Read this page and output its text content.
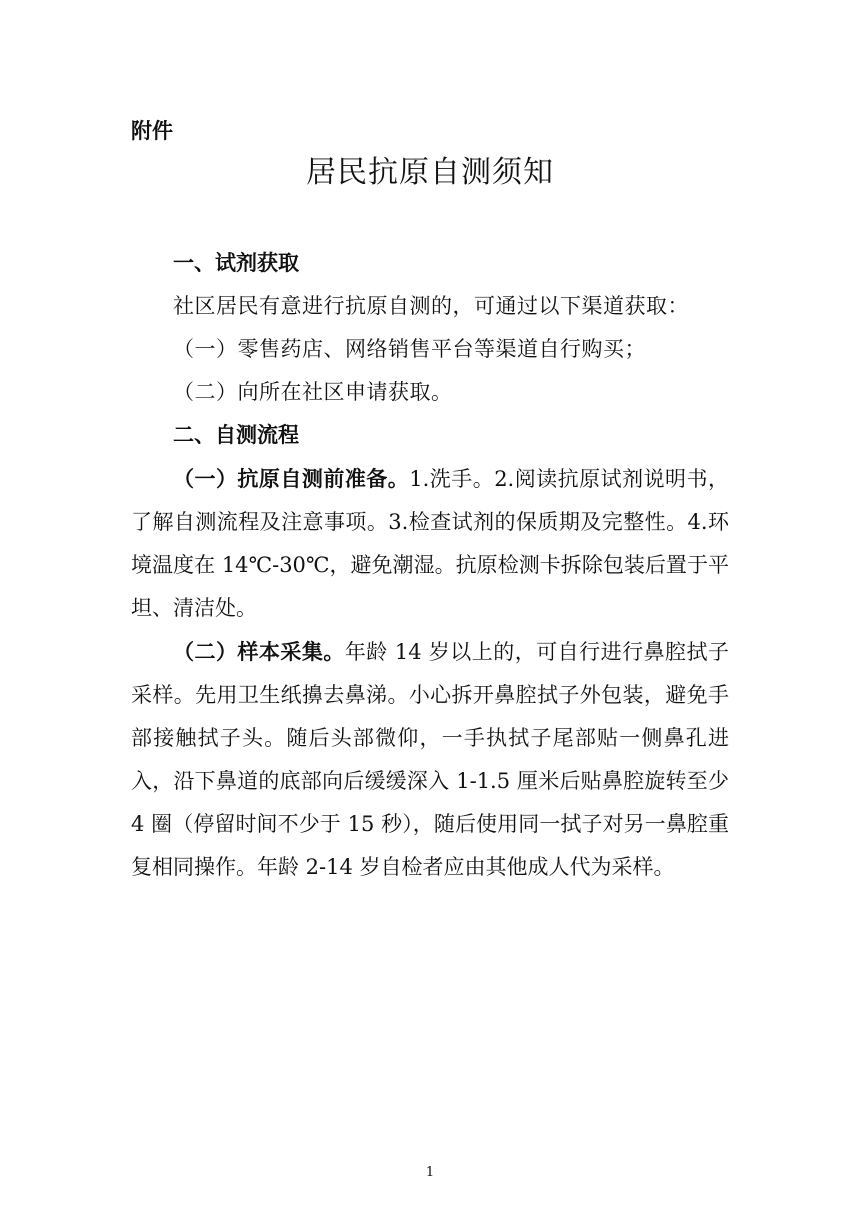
附件

居民抗原自测须知
一、试剂获取

社区居民有意进行抗原自测的，可通过以下渠道获取：

（一）零售药店、网络销售平台等渠道自行购买；

（二）向所在社区申请获取。

二、自测流程

（一）抗原自测前准备。1.洗手。2.阅读抗原试剂说明书，了解自测流程及注意事项。3.检查试剂的保质期及完整性。4.环境温度在 14℃-30℃，避免潮湿。抗原检测卡拆除包装后置于平坦、清洁处。

（二）样本采集。年龄 14 岁以上的，可自行进行鼻腔拭子采样。先用卫生纸擤去鼻涕。小心拆开鼻腔拭子外包装，避免手部接触拭子头。随后头部微仰，一手执拭子尾部贴一侧鼻孔进入，沿下鼻道的底部向后缓缓深入 1-1.5 厘米后贴鼻腔旋转至少 4 圈（停留时间不少于 15 秒），随后使用同一拭子对另一鼻腔重复相同操作。年龄 2-14 岁自检者应由其他成人代为采样。

1
